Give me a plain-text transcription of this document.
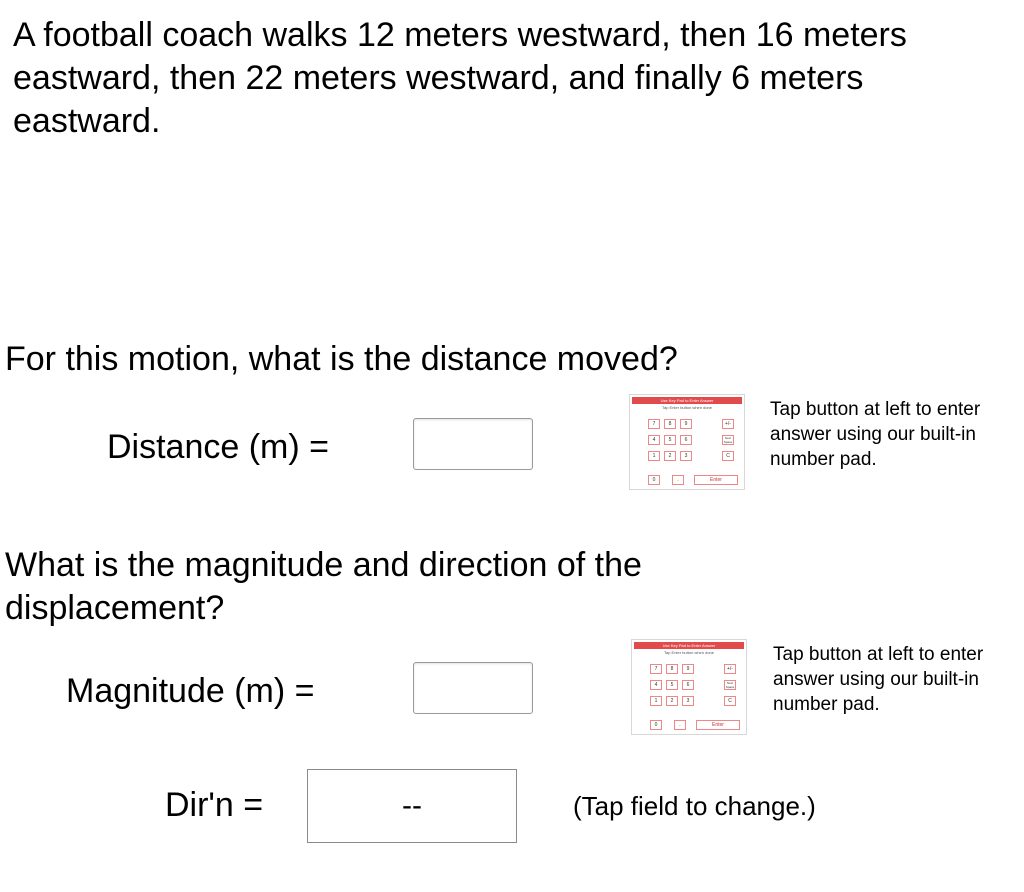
A football coach walks 12 meters westward, then 16 meters eastward, then 22 meters westward, and finally 6 meters eastward.
For this motion, what is the distance moved?
Distance (m) =
Use Key Pad to Enter Answer
Tap Enter button when done
7	8	9	+/-
4	5	6	Next Space
1	2	3	C
0	.	Enter
Tap button at left to enter
answer using our built-in
number pad.
What is the magnitude and direction of the
displacement?
Magnitude (m) =
Use Key Pad to Enter Answer
Tap Enter button when done
7	8	9	+/-
4	5	6	Next Space
1	2	3	C
0	.	Enter
Tap button at left to enter
answer using our built-in
number pad.
Dir'n =	--	(Tap field to change.)
